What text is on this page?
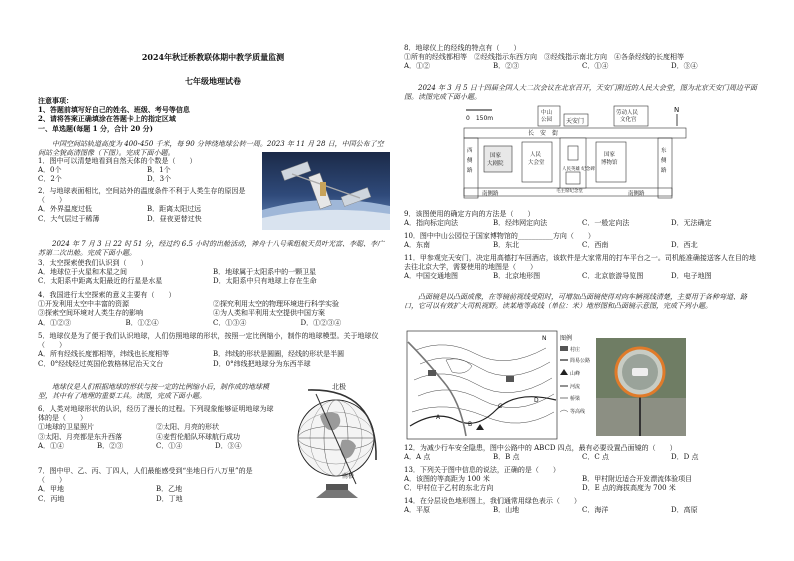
2024年秋迁桥教联体期中教学质量监测
七年级地理试卷
注意事项：
1、答题前填写好自己的姓名、班级、考号等信息
2、请将答案正确填涂在答题卡上的指定区域
一、单选题(每题 1 分，合计 20 分)
中国空间站轨道高度为 400-450 千米，每 90 分钟绕地球公转一周。2023 年 11 月 28 日，中国公布了空间站全貌高清图像（下图）。完成下面小题。
1．图中可以清楚地看到自然天体的个数是（　　）
A．0个	B．1个
C．2个	D．3个
2．与地球表面相比，空间站外的温度条件不利于人类生存的原因是（　　）
A．外界温度过低	B．距离太阳过远
C．大气层过于稀薄	D．昼夜更替过快
2024 年 7 月 3 日 22 时 51 分，经过约 6.5 小时的出舱活动，神舟十八号乘组航天员叶光富、李聪、李广苏第二次出舱。完成下面小题。
3．太空探索使我们认识到（　　）
A．地球位于火星和木星之间	B．地球属于太阳系中的一颗卫星
C．太阳系中距离太阳最近的行星是水星	D．太阳系中只有地球上存在生命
4．我国进行太空探索的意义主要有（　　）
①开发利用太空中丰富的资源	②探究利用太空的物理环境进行科学实验
③探索空间环境对人类生存的影响	④为人类和平利用太空提供中国方案
A．①②③	B．①②④	C．①③④	D．①②③④
5．地球仪是为了便于我们认识地球，人们仿照地球的形状，按照一定比例缩小，制作的地球模型。关于地球仪（　　）
A．所有经线长度都相等，纬线也长度相等	B．纬线的形状是圆圈，经线的形状是半圆
C．0°经线经过英国伦敦格林尼治天文台	D．0°纬线把地球分为东西半球
地球仪是人们根据地球的形状与按一定的比例缩小后，制作成的地球模型，其中有了地理的重要工具。读图，完成下面小题。
6．人类对地球形状的认识，经历了漫长的过程。下列现象能够证明地球为球体的是（　　）
①地球的卫星照片	②太阳、月亮的形状
③太阳、月亮都是东升西落	④麦哲伦船队环球航行成功
A．①④	B．②③	C．①④	D．③④
7．图中甲、乙、丙、丁四人，人们最能感受到“坐地日行八万里”的是（　　）
A．甲地	B．乙地
C．丙地	D．丁地
北极
南极
8．地球仪上的经线的特点有（　　）
①所有的经线都相等　②经线指示东西方向　③经线指示南北方向　④各条经线的长度相等
A．①②	B．②③	C．①④	D．③④
2024 年 3 月 5 日十四届全国人大二次会议在北京召开，天安门附近的人民大会堂，图为北京天安门周边平面图。读图完成下面小题。
0　150m
N
中山
公园 天安门
劳动人民
文化宫
长　安　街
西
侧
路
东
侧
路
国家
大剧院
人民
大会堂
人民英雄 纪念碑
毛主席纪念堂
国家
博物馆
南侧路	南侧路
9．该图使用的确定方向的方法是（　　）
A．指向标定向法	B．经纬网定向法	C．一般定向法	D．无法确定
10．图中中山公园位于国家博物馆的__________方向（　　）
A．东南	B．东北	C．西南	D．西北
11．甲参观完天安门，决定用高德打车回酒店，该软件是大家常用的打车平台之一。司机能准确接送客人在目的地去往北京大学，需要使用的地图是（　　）
A．中国交通地图	B．北京地形图	C．北京旅游导览图	D．电子地图
凸面镜是以凸面成像，在等镜前视线受阻时，可增加凸面镜使得对向车辆视线清楚，主要用于各种弯道、路口，它可以有效扩大司机视野。读某地等高线（单位：米）地形图和凸面镜示意图，完成下列小题。
A
B
C
D
N 图例
村庄
简易公路
山峰
河流
桥梁
等高线
12．为减少行车安全隐患，图中公路中的 ABCD 四点，最有必要设置凸面镜的（　　）
A．A 点	B．B 点	C．C 点	D．D 点
13．下列关于图中信息的说法，正确的是（　　）
A．该图的等高距为 100 米	B．甲村附近适合开发漂流体验项目
C．甲村位于乙村的东北方向	D．E 点的海拔高度为 700 米
14．在分层设色地形图上，我们通常用绿色表示（　　）
A．平原	B．山地	C．海洋	D．高原
